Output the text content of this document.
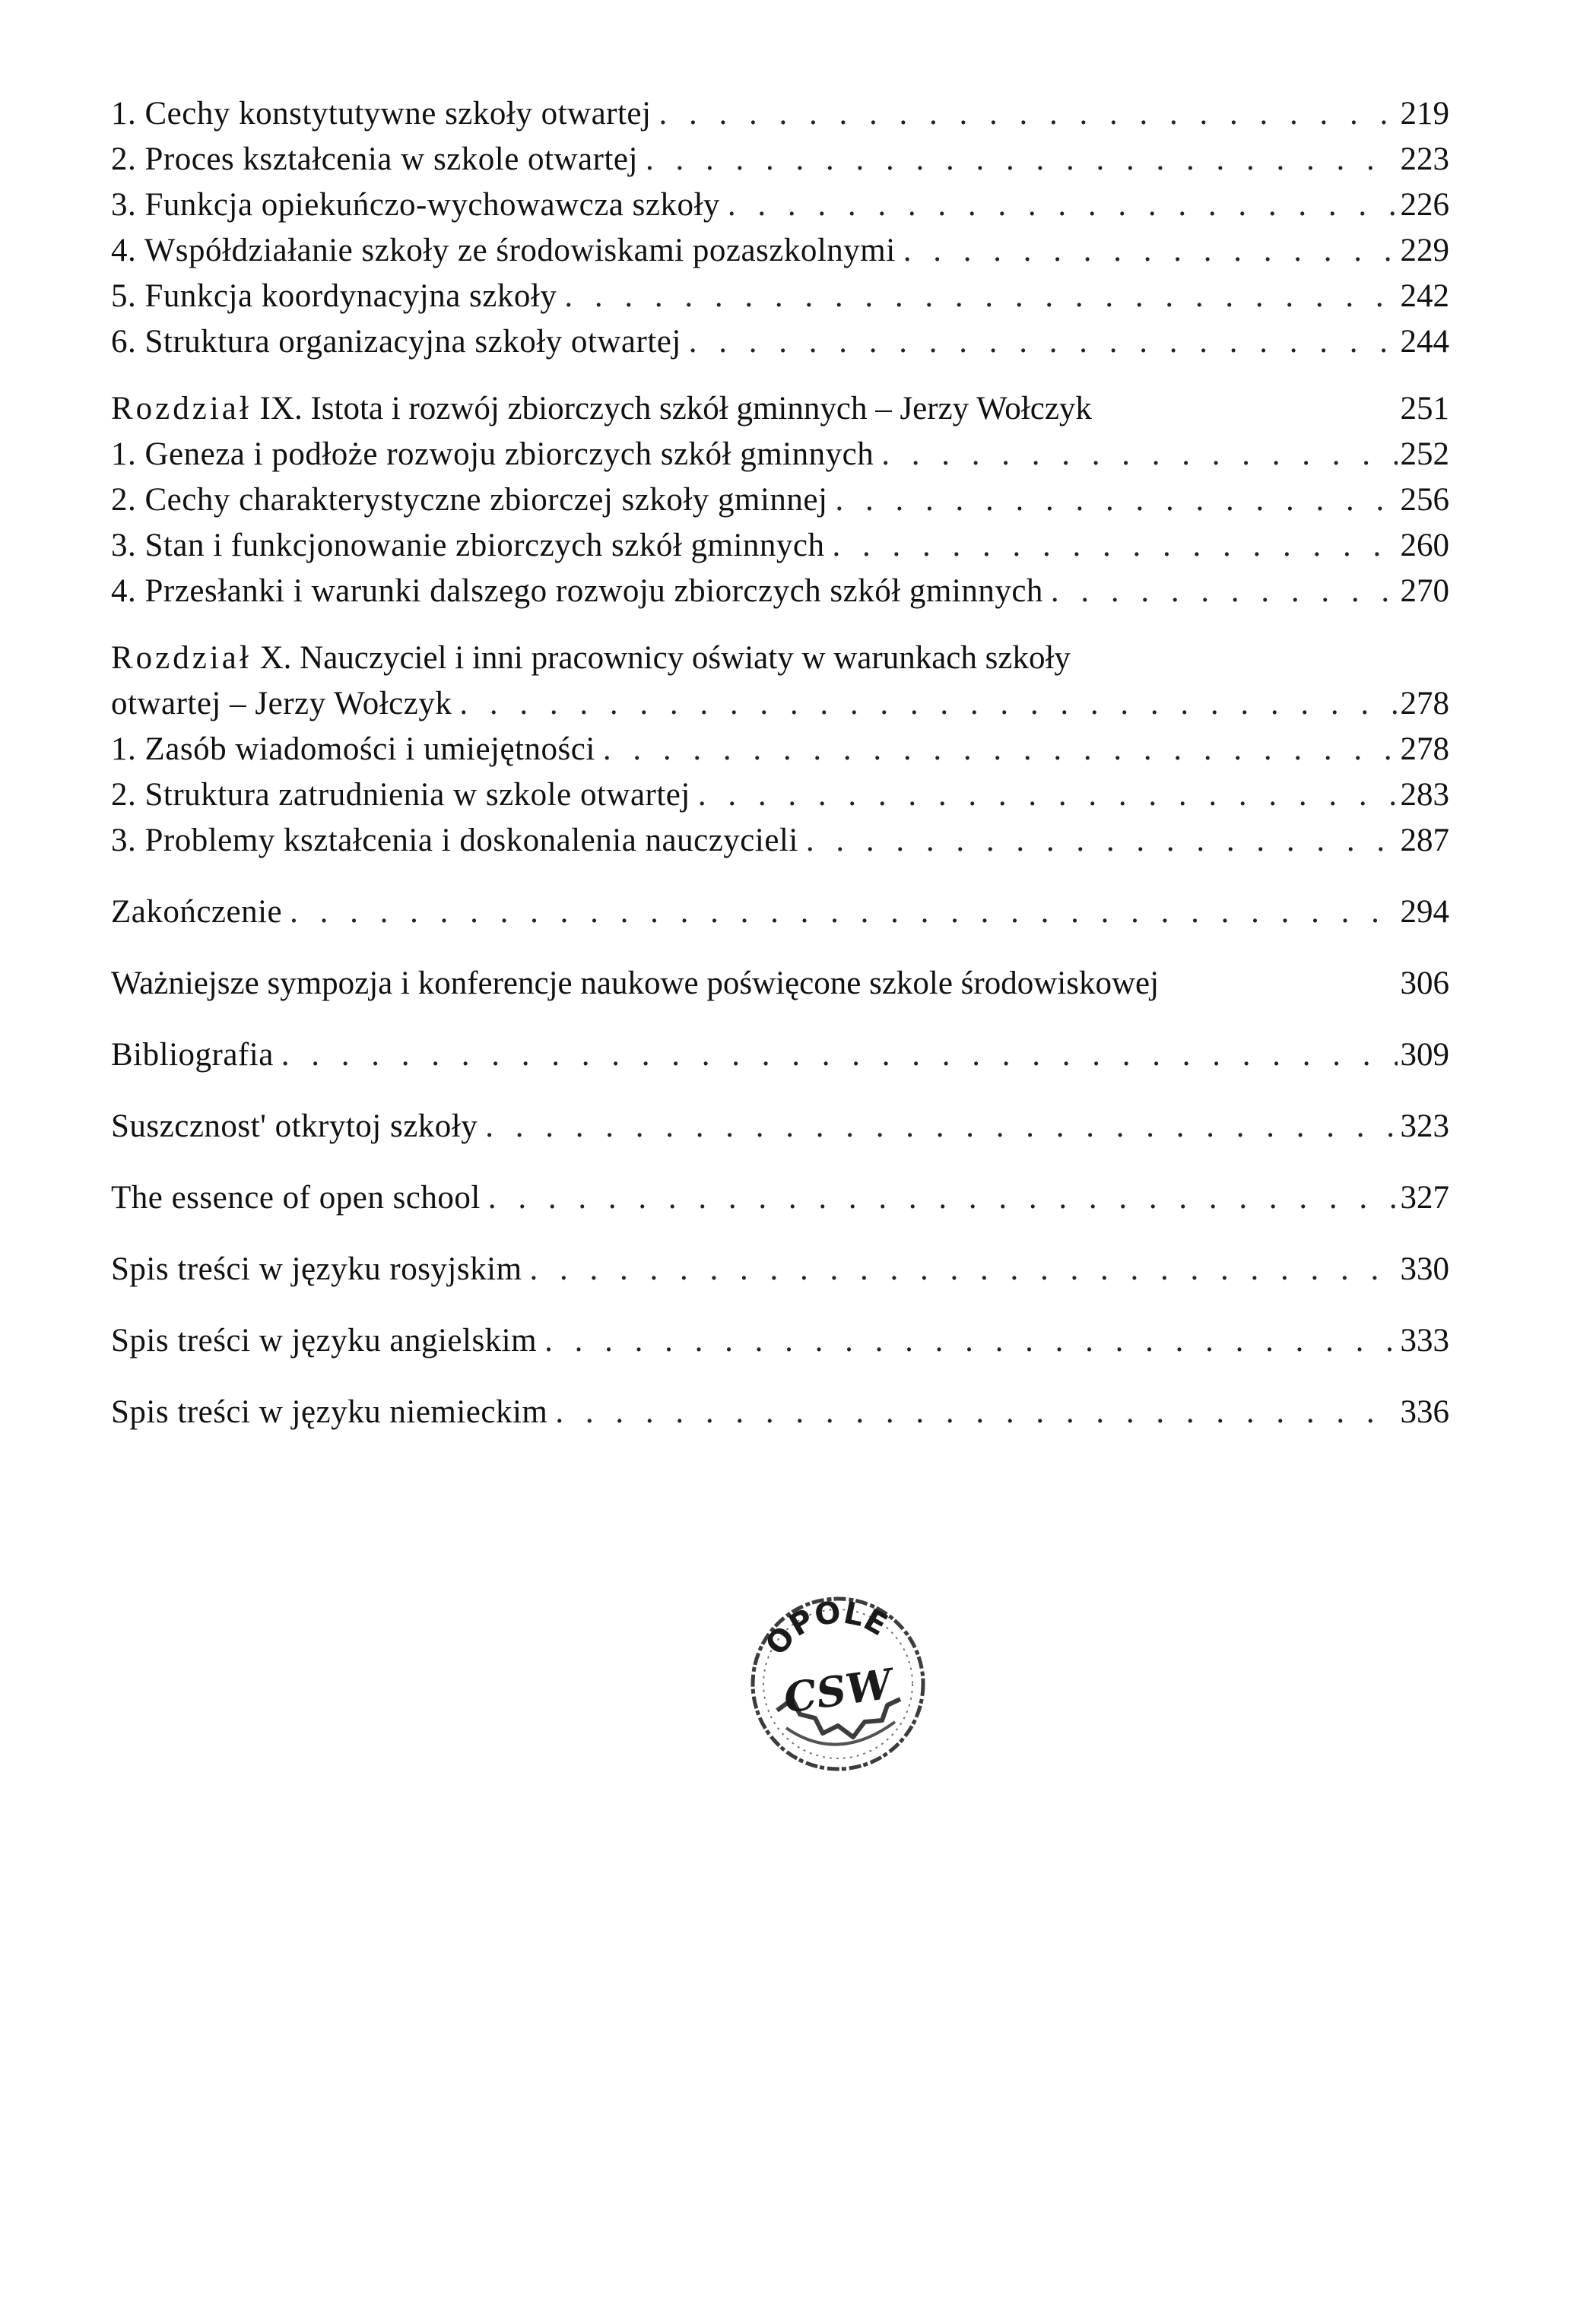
1. Cechy konstytutywne szkoły otwartej . . .	219
2. Proces kształcenia w szkole otwartej . . .	223
3. Funkcja opiekuńczo-wychowawcza szkoły . . .	226
4. Współdziałanie szkoły ze środowiskami pozaszkolnymi . . .	229
5. Funkcja koordynacyjna szkoły . . .	242
6. Struktura organizacyjna szkoły otwartej . . .	244
Rozdział IX. Istota i rozwój zbiorczych szkół gminnych – Jerzy Wołczyk	251
1. Geneza i podłoże rozwoju zbiorczych szkół gminnych . . .	252
2. Cechy charakterystyczne zbiorczej szkoły gminnej . . .	256
3. Stan i funkcjonowanie zbiorczych szkół gminnych . . .	260
4. Przesłanki i warunki dalszego rozwoju zbiorczych szkół gminnych . . .	270
Rozdział X. Nauczyciel i inni pracownicy oświaty w warunkach szkoły
otwartej – Jerzy Wołczyk . . .	278
1. Zasób wiadomości i umiejętności . . .	278
2. Struktura zatrudnienia w szkole otwartej . . .	283
3. Problemy kształcenia i doskonalenia nauczycieli . . .	287
Zakończenie . . .	294
Ważniejsze sympozja i konferencje naukowe poświęcone szkole środowiskowej	306
Bibliografia . . .	309
Suszcznost' otkrytoj szkoły . . .	323
The essence of open school . . .	327
Spis treści w języku rosyjskim . . .	330
Spis treści w języku angielskim . . .	333
Spis treści w języku niemieckim . . .	336
OPOLE
CSW
